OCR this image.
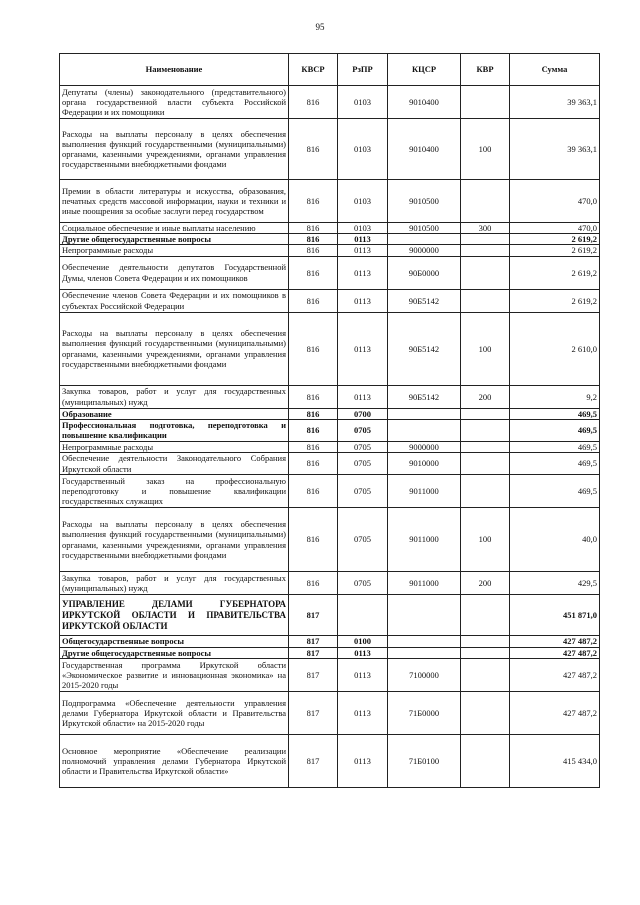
95
Наименование	КВСР	РзПР	КЦСР	КВР	Сумма
Депутаты (члены) законодательного (представительного) органа государственной власти субъекта Российской Федерации и их помощники	816	0103	9010400		39 363,1
Расходы на выплаты персоналу в целях обеспечения выполнения функций государственными (муниципальными) органами, казенными учреждениями, органами управления государственными внебюджетными фондами	816	0103	9010400	100	39 363,1
Премии в области литературы и искусства, образования, печатных средств массовой информации, науки и техники и иные поощрения за особые заслуги перед государством	816	0103	9010500		470,0
Социальное обеспечение и иные выплаты населению	816	0103	9010500	300	470,0
Другие общегосударственные вопросы	816	0113			2 619,2
Непрограммные расходы	816	0113	9000000		2 619,2
Обеспечение деятельности депутатов Государственной Думы, членов Совета Федерации и их помощников	816	0113	90Б0000		2 619,2
Обеспечение членов Совета Федерации и их помощников в субъектах Российской Федерации	816	0113	90Б5142		2 619,2
Расходы на выплаты персоналу в целях обеспечения выполнения функций государственными (муниципальными) органами, казенными учреждениями, органами управления государственными внебюджетными фондами	816	0113	90Б5142	100	2 610,0
Закупка товаров, работ и услуг для государственных (муниципальных) нужд	816	0113	90Б5142	200	9,2
Образование	816	0700			469,5
Профессиональная подготовка, переподготовка и повышение квалификации	816	0705			469,5
Непрограммные расходы	816	0705	9000000		469,5
Обеспечение деятельности Законодательного Собрания Иркутской области	816	0705	9010000		469,5
Государственный заказ на профессиональную переподготовку и повышение квалификации государственных служащих	816	0705	9011000		469,5
Расходы на выплаты персоналу в целях обеспечения выполнения функций государственными (муниципальными) органами, казенными учреждениями, органами управления государственными внебюджетными фондами	816	0705	9011000	100	40,0
Закупка товаров, работ и услуг для государственных (муниципальных) нужд	816	0705	9011000	200	429,5
УПРАВЛЕНИЕ ДЕЛАМИ ГУБЕРНАТОРА ИРКУТСКОЙ ОБЛАСТИ И ПРАВИТЕЛЬСТВА ИРКУТСКОЙ ОБЛАСТИ	817				451 871,0
Общегосударственные вопросы	817	0100			427 487,2
Другие общегосударственные вопросы	817	0113			427 487,2
Государственная программа Иркутской области «Экономическое развитие и инновационная экономика» на 2015-2020 годы	817	0113	7100000		427 487,2
Подпрограмма «Обеспечение деятельности управления делами Губернатора Иркутской области и Правительства Иркутской области» на 2015-2020 годы	817	0113	71Б0000		427 487,2
Основное мероприятие «Обеспечение реализации полномочий управления делами Губернатора Иркутской области и Правительства Иркутской области»	817	0113	71Б0100		415 434,0
